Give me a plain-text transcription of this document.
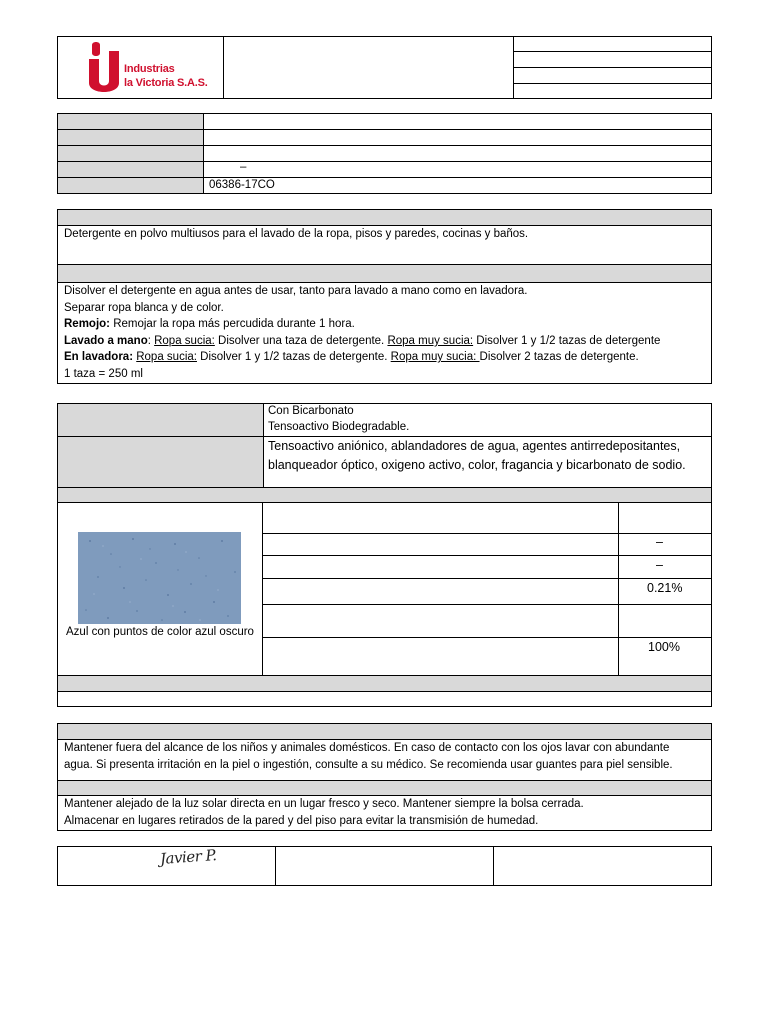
Industrias
la Victoria S.A.S.
–
06386-17CO
Detergente en polvo multiusos para el lavado de la ropa, pisos y paredes, cocinas y baños.
Disolver el detergente en agua antes de usar, tanto para lavado a mano como en lavadora.
Separar ropa blanca y de color.
Remojo: Remojar la ropa más percudida durante 1 hora.
Lavado a mano: Ropa sucia: Disolver una taza de detergente. Ropa muy sucia: Disolver 1 y 1/2 tazas de detergente
En lavadora: Ropa sucia: Disolver 1 y 1/2 tazas de detergente. Ropa muy sucia: Disolver 2 tazas de detergente.
1 taza = 250 ml
Con Bicarbonato
Tensoactivo Biodegradable.
Tensoactivo aniónico, ablandadores de agua, agentes antirredepositantes,
blanqueador óptico, oxigeno activo, color, fragancia y bicarbonato de sodio.
Azul con puntos de color azul oscuro
–
–
0.21%
100%
Mantener fuera del alcance de los niños y animales domésticos. En caso de contacto con los ojos lavar con abundante
agua. Si presenta irritación en la piel o ingestión, consulte a su médico. Se recomienda usar guantes para piel sensible.
Mantener alejado de la luz solar directa en un lugar fresco y seco. Mantener siempre la bolsa cerrada.
Almacenar en lugares retirados de la pared y del piso para evitar la transmisión de humedad.
Javier P.
